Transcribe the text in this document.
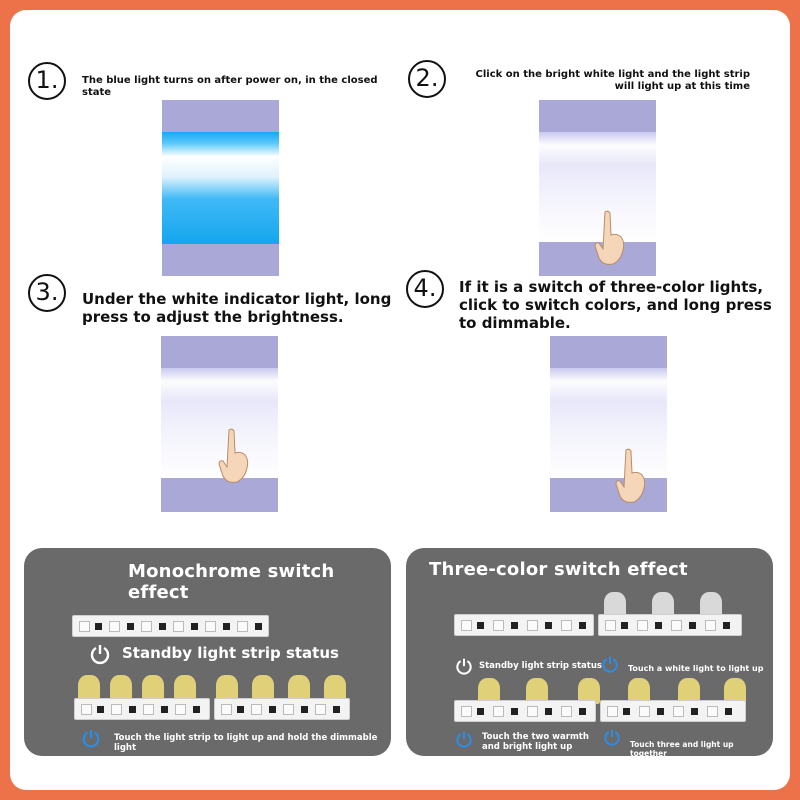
1.	The blue light turns on after power on, in the closed state
2.	Click on the bright white light and the light strip will light up at this time
3.	Under the white indicator light, long press to adjust the brightness.
4.	If it is a switch of three-color lights, click to switch colors, and long press to dimmable.
Monochrome switch effect
Standby light strip status
Touch the light strip to light up and hold the dimmable light
Three-color switch effect
Standby light strip status	Touch a white light to light up
Touch the two warmth and bright light up	Touch three and light up together
